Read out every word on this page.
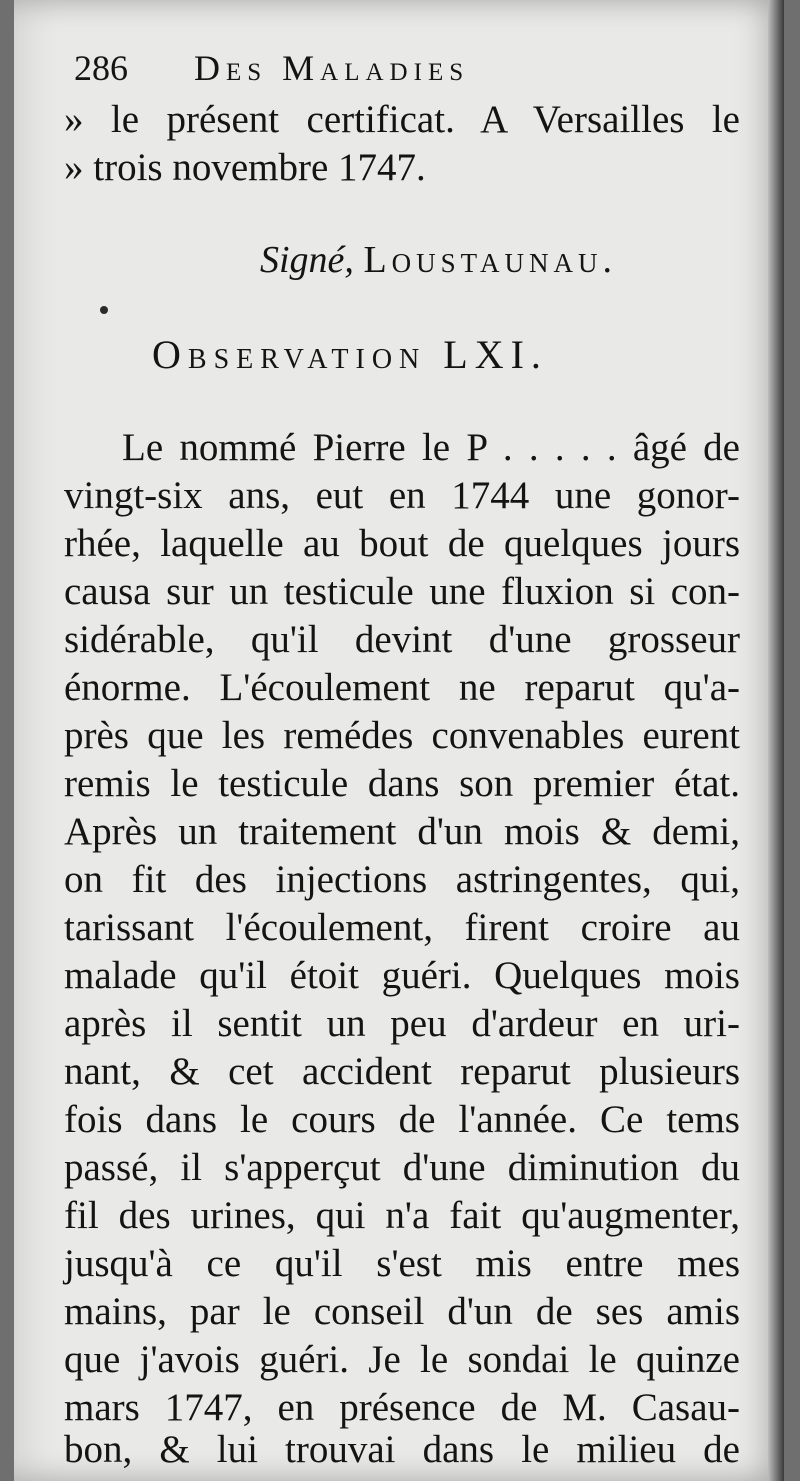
286 Des Maladies
» le présent certificat. A Versailles le
» trois novembre 1747.
Signé, Loustaunau.
Observation LXI.
Le nommé Pierre le P . . . . . âgé de
vingt-six ans, eut en 1744 une gonor-
rhée, laquelle au bout de quelques jours
causa sur un testicule une fluxion si con-
sidérable, qu'il devint d'une grosseur
énorme. L'écoulement ne reparut qu'a-
près que les remédes convenables eurent
remis le testicule dans son premier état.
Après un traitement d'un mois & demi,
on fit des injections astringentes, qui,
tarissant l'écoulement, firent croire au
malade qu'il étoit guéri. Quelques mois
après il sentit un peu d'ardeur en uri-
nant, & cet accident reparut plusieurs
fois dans le cours de l'année. Ce tems
passé, il s'apperçut d'une diminution du
fil des urines, qui n'a fait qu'augmenter,
jusqu'à ce qu'il s'est mis entre mes
mains, par le conseil d'un de ses amis
que j'avois guéri. Je le sondai le quinze
mars 1747, en présence de M. Casau-
bon, & lui trouvai dans le milieu de
